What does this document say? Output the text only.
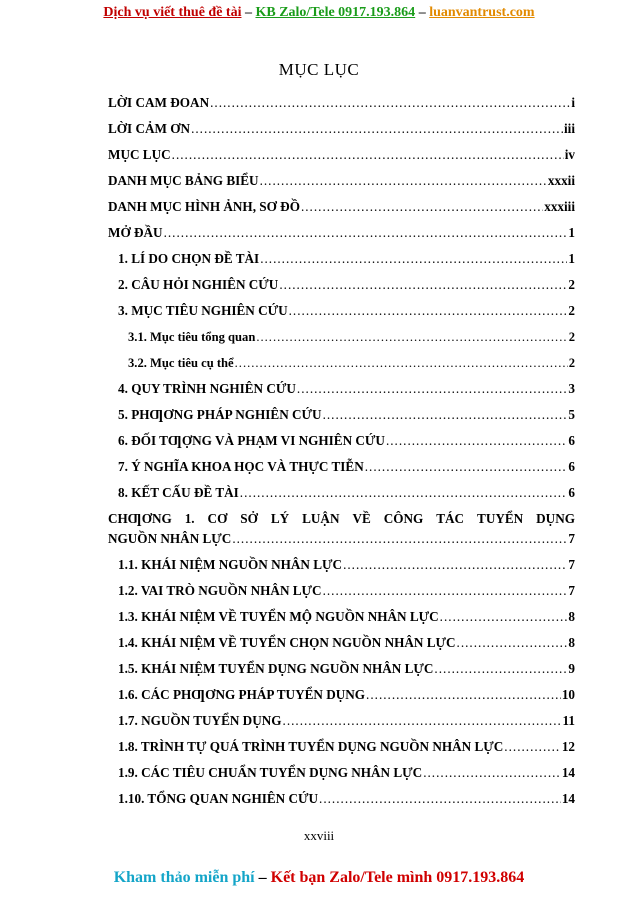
Dịch vụ viết thuê đề tài – KB Zalo/Tele 0917.193.864 – luanvantrust.com
MỤC LỤC
LỜI CAM ĐOAN .....	i
LỜI CẢM ƠN .....	iii
MỤC LỤC .....	iv
DANH MỤC BẢNG BIỂU .....	xxxii
DANH MỤC HÌNH ẢNH, SƠ ĐỒ .....	xxxiii
MỞ ĐẦU .....	1
1. LÍ DO CHỌN ĐỀ TÀI .....	1
2. CÂU HỎI NGHIÊN CỨU .....	2
3. MỤC TIÊU NGHIÊN CỨU .....	2
3.1. Mục tiêu tổng quan .....	2
3.2. Mục tiêu cụ thể .....	2
4. QUY TRÌNH NGHIÊN CỨU .....	3
5. PHƢƠNG PHÁP NGHIÊN CỨU .....	5
6. ĐỐI TƢỢNG VÀ PHẠM VI NGHIÊN CỨU .....	6
7. Ý NGHĨA KHOA HỌC VÀ THỰC TIỄN .....	6
8. KẾT CẤU ĐỀ TÀI .....	6
CHƢƠNG 1. CƠ SỞ LÝ LUẬN VỀ CÔNG TÁC TUYỂN DỤNG
NGUỒN NHÂN LỰC .....	7
1.1. KHÁI NIỆM NGUỒN NHÂN LỰC .....	7
1.2. VAI TRÒ NGUỒN NHÂN LỰC .....	7
1.3. KHÁI NIỆM VỀ TUYỂN MỘ NGUỒN NHÂN LỰC .....	8
1.4. KHÁI NIỆM VỀ TUYỂN CHỌN NGUỒN NHÂN LỰC .....	8
1.5. KHÁI NIỆM TUYỂN DỤNG NGUỒN NHÂN LỰC .....	9
1.6. CÁC PHƢƠNG PHÁP TUYỂN DỤNG .....	10
1.7. NGUỒN TUYỂN DỤNG .....	11
1.8. TRÌNH TỰ QUÁ TRÌNH TUYỂN DỤNG NGUỒN NHÂN LỰC .....	12
1.9. CÁC TIÊU CHUẨN TUYỂN DỤNG NHÂN LỰC .....	14
1.10. TỔNG QUAN NGHIÊN CỨU .....	14
xxviii
Kham thảo miễn phí – Kết bạn Zalo/Tele mình 0917.193.864
